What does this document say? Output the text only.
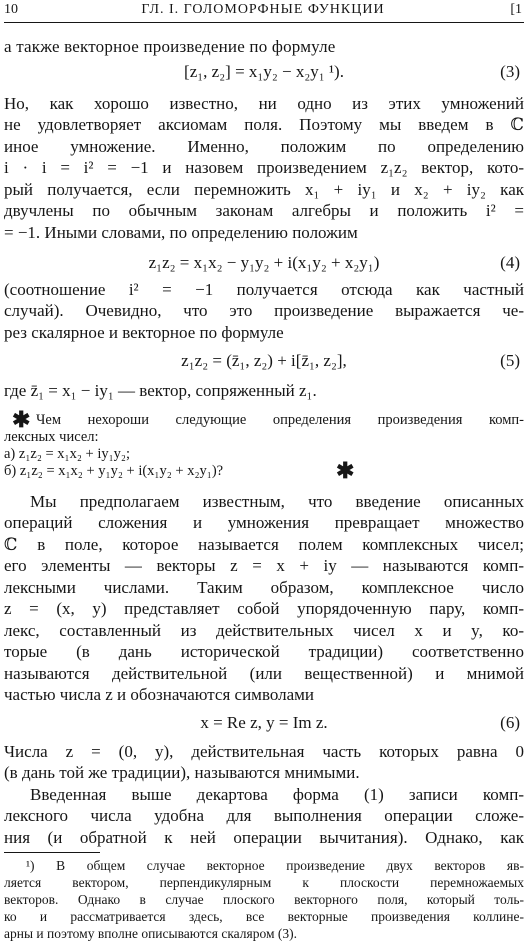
10	ГЛ. I. ГОЛОМОРФНЫЕ ФУНКЦИИ	[1
а также векторное произведение по формуле
[z₁, z₂] = x₁y₂ − x₂y₁ ¹).	(3)
Но, как хорошо известно, ни одно из этих умножений
не удовлетворяет аксиомам поля. Поэтому мы введем в ℂ
иное умножение. Именно, положим по определению
i · i = i² = −1 и назовем произведением z₁z₂ вектор, кото-
рый получается, если перемножить x₁ + iy₁ и x₂ + iy₂ как
двучлены по обычным законам алгебры и положить i² =
= −1. Иными словами, по определению положим
z₁z₂ = x₁x₂ − y₁y₂ + i(x₁y₂ + x₂y₁)	(4)
(соотношение i² = −1 получается отсюда как частный
случай). Очевидно, что это произведение выражается че-
рез скалярное и векторное по формуле
z₁z₂ = (z̄₁, z₂) + i[z̄₁, z₂],	(5)
где z̄₁ = x₁ − iy₁ — вектор, сопряженный z₁.
✱ Чем нехороши следующие определения произведения комп-
лексных чисел:
а) z₁z₂ = x₁x₂ + iy₁y₂;
б) z₁z₂ = x₁x₂ + y₁y₂ + i(x₁y₂ + x₂y₁)?	✱
Мы предполагаем известным, что введение описанных
операций сложения и умножения превращает множество
ℂ в поле, которое называется полем комплексных чисел;
его элементы — векторы z = x + iy — называются комп-
лексными числами. Таким образом, комплексное число
z = (x, y) представляет собой упорядоченную пару, комп-
лекс, составленный из действительных чисел x и y, ко-
торые (в дань исторической традиции) соответственно
называются действительной (или вещественной) и мнимой
частью числа z и обозначаются символами
x = Re z, y = Im z.	(6)
Числа z = (0, y), действительная часть которых равна 0
(в дань той же традиции), называются мнимыми.
Введенная выше декартова форма (1) записи комп-
лексного числа удобна для выполнения операции сложе-
ния (и обратной к ней операции вычитания). Однако, как
¹) В общем случае векторное произведение двух векторов яв-
ляется вектором, перпендикулярным к плоскости перемножаемых
векторов. Однако в случае плоского векторного поля, который толь-
ко и рассматривается здесь, все векторные произведения коллине-
арны и поэтому вполне описываются скаляром (3).
